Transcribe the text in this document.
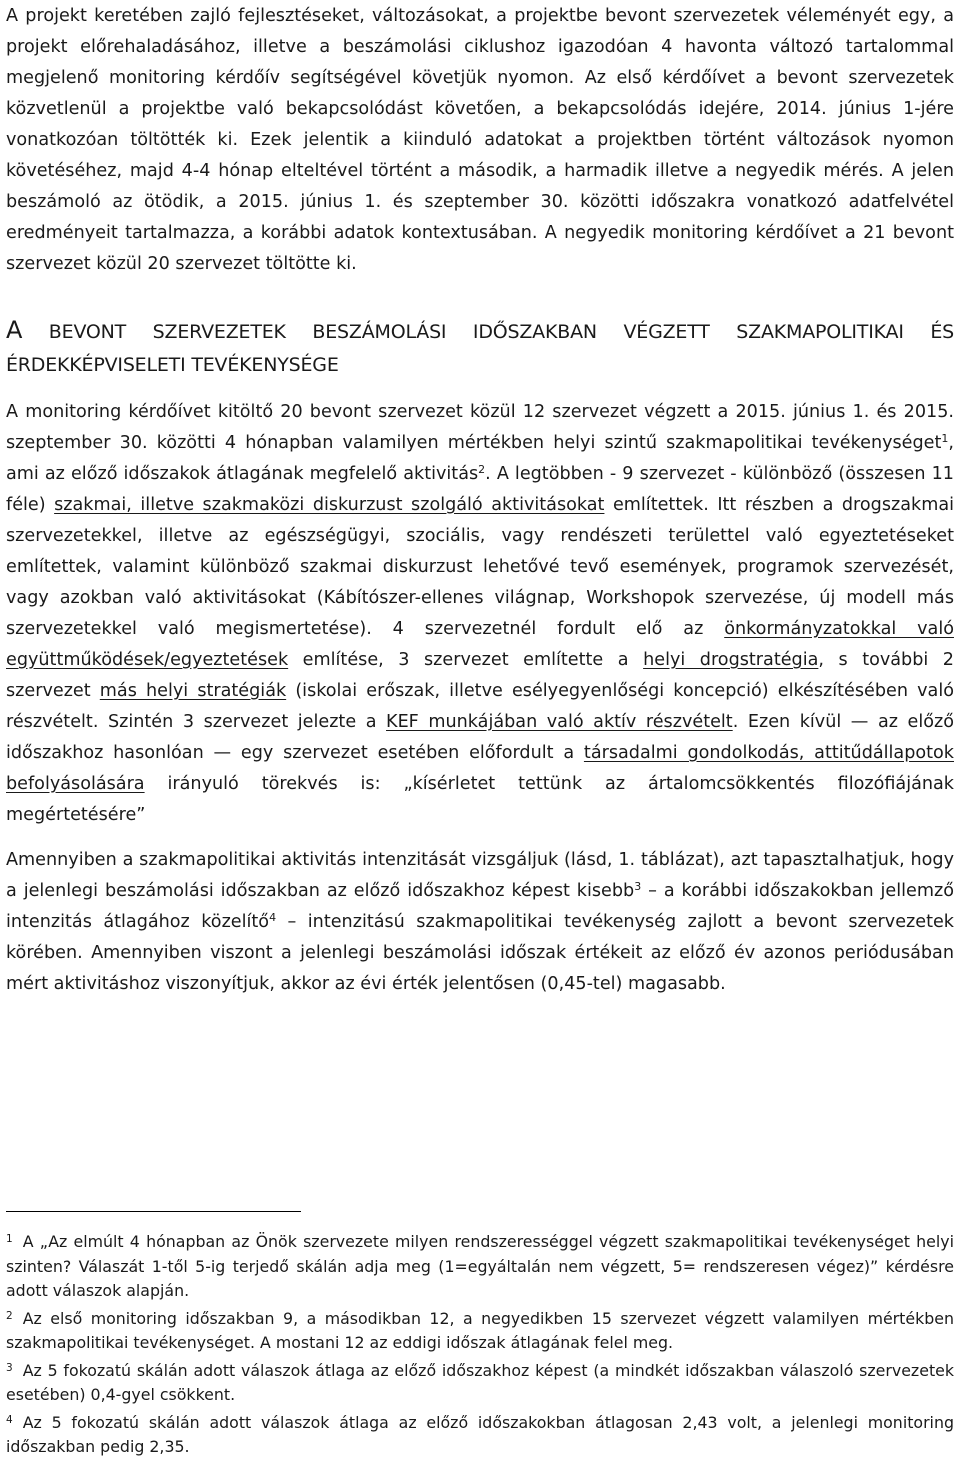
A projekt keretében zajló fejlesztéseket, változásokat, a projektbe bevont szervezetek véleményét egy, a projekt előrehaladásához, illetve a beszámolási ciklushoz igazodóan 4 havonta változó tartalommal megjelenő monitoring kérdőív segítségével követjük nyomon. Az első kérdőívet a bevont szervezetek közvetlenül a projektbe való bekapcsolódást követően, a bekapcsolódás idejére, 2014. június 1-jére vonatkozóan töltötték ki. Ezek jelentik a kiinduló adatokat a projektben történt változások nyomon követéséhez, majd 4-4 hónap elteltével történt a második, a harmadik illetve a negyedik mérés. A jelen beszámoló az ötödik, a 2015. június 1. és szeptember 30. közötti időszakra vonatkozó adatfelvétel eredményeit tartalmazza, a korábbi adatok kontextusában. A negyedik monitoring kérdőívet a 21 bevont szervezet közül 20 szervezet töltötte ki.

A BEVONT SZERVEZETEK BESZÁMOLÁSI IDŐSZAKBAN VÉGZETT SZAKMAPOLITIKAI ÉS ÉRDEKKÉPVISELETI TEVÉKENYSÉGE

A monitoring kérdőívet kitöltő 20 bevont szervezet közül 12 szervezet végzett a 2015. június 1. és 2015. szeptember 30. közötti 4 hónapban valamilyen mértékben helyi szintű szakmapolitikai tevékenységet$^1$, ami az előző időszakok átlagának megfelelő aktivitás$^2$. A legtöbben - 9 szervezet - különböző (összesen 11 féle) szakmai, illetve szakmaközi diskurzust szolgáló aktivitásokat említettek. Itt részben a drogszakmai szervezetekkel, illetve az egészségügyi, szociális, vagy rendészeti területtel való egyeztetéseket említettek, valamint különböző szakmai diskurzust lehetővé tevő események, programok szervezését, vagy azokban való aktivitásokat (Kábítószer-ellenes világnap, Workshopok szervezése, új modell más szervezetekkel való megismertetése). 4 szervezetnél fordult elő az önkormányzatokkal való együttműködések/egyeztetések említése, 3 szervezet említette a helyi drogstratégia, s további 2 szervezet más helyi stratégiák (iskolai erőszak, illetve esélyegyenlőségi koncepció) elkészítésében való részvételt. Szintén 3 szervezet jelezte a KEF munkájában való aktív részvételt. Ezen kívül — az előző időszakhoz hasonlóan — egy szervezet esetében előfordult a társadalmi gondolkodás, attitűdállapotok befolyásolására irányuló törekvés is: „kísérletet tettünk az ártalomcsökkentés filozófiájának megértetésére”

Amennyiben a szakmapolitikai aktivitás intenzitását vizsgáljuk (lásd, 1. táblázat), azt tapasztalhatjuk, hogy a jelenlegi beszámolási időszakban az előző időszakhoz képest kisebb$^3$ – a korábbi időszakokban jellemző intenzitás átlagához közelítő$^4$ – intenzitású szakmapolitikai tevékenység zajlott a bevont szervezetek körében. Amennyiben viszont a jelenlegi beszámolási időszak értékeit az előző év azonos periódusában mért aktivitáshoz viszonyítjuk, akkor az évi érték jelentősen (0,45-tel) magasabb.

$^1$ A „Az elmúlt 4 hónapban az Önök szervezete milyen rendszerességgel végzett szakmapolitikai tevékenységet helyi szinten? Válaszát 1-től 5-ig terjedő skálán adja meg (1=egyáltalán nem végzett, 5= rendszeresen végez)” kérdésre adott válaszok alapján.

$^2$ Az első monitoring időszakban 9, a másodikban 12, a negyedikben 15 szervezet végzett valamilyen mértékben szakmapolitikai tevékenységet. A mostani 12 az eddigi időszak átlagának felel meg.

$^3$ Az 5 fokozatú skálán adott válaszok átlaga az előző időszakhoz képest (a mindkét időszakban válaszoló szervezetek esetében) 0,4-gyel csökkent.

$^4$ Az 5 fokozatú skálán adott válaszok átlaga az előző időszakokban átlagosan 2,43 volt, a jelenlegi monitoring időszakban pedig 2,35.
